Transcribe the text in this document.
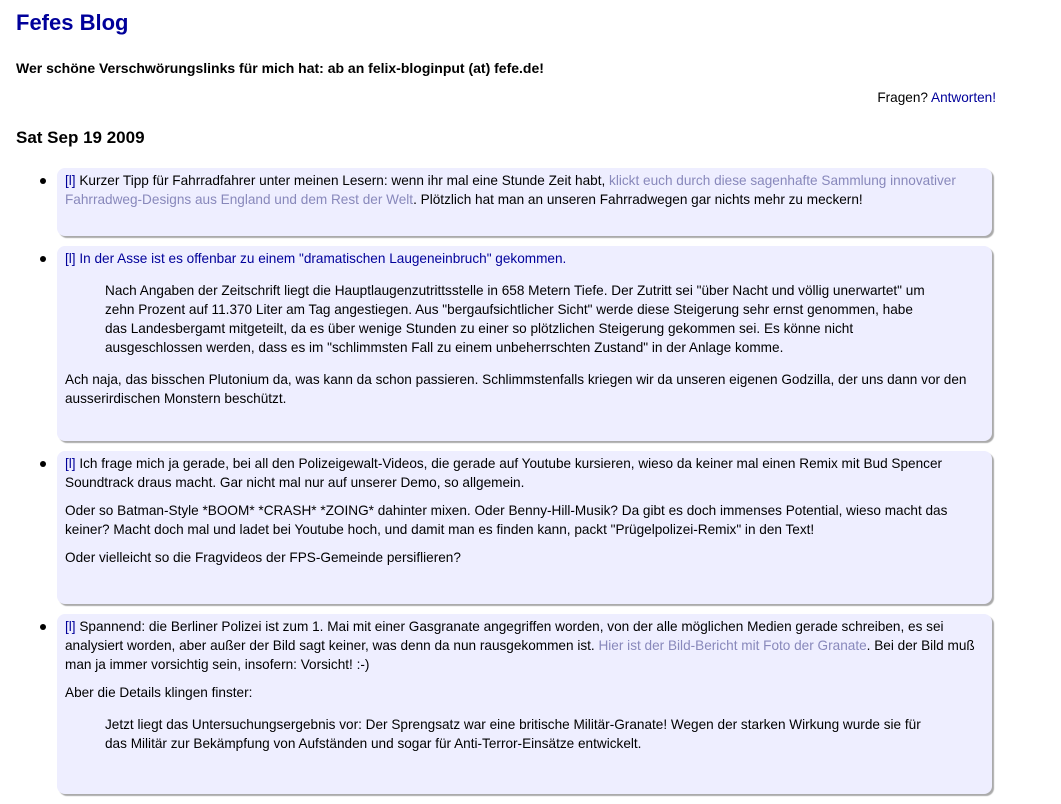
Fefes Blog

Wer schöne Verschwörungslinks für mich hat: ab an felix-bloginput (at) fefe.de!

Fragen? Antworten!
Sat Sep 19 2009

[l] Kurzer Tipp für Fahrradfahrer unter meinen Lesern: wenn ihr mal eine Stunde Zeit habt, klickt euch durch diese sagenhafte Sammlung innovativer Fahrradweg-Designs aus England und dem Rest der Welt. Plötzlich hat man an unseren Fahrradwegen gar nichts mehr zu meckern!

[l] In der Asse ist es offenbar zu einem "dramatischen Laugeneinbruch" gekommen.

Nach Angaben der Zeitschrift liegt die Hauptlaugenzutrittsstelle in 658 Metern Tiefe. Der Zutritt sei "über Nacht und völlig unerwartet" um zehn Prozent auf 11.370 Liter am Tag angestiegen. Aus "bergaufsichtlicher Sicht" werde diese Steigerung sehr ernst genommen, habe das Landesbergamt mitgeteilt, da es über wenige Stunden zu einer so plötzlichen Steigerung gekommen sei. Es könne nicht ausgeschlossen werden, dass es im "schlimmsten Fall zu einem unbeherrschten Zustand" in der Anlage komme.

Ach naja, das bisschen Plutonium da, was kann da schon passieren. Schlimmstenfalls kriegen wir da unseren eigenen Godzilla, der uns dann vor den ausserirdischen Monstern beschützt.

[l] Ich frage mich ja gerade, bei all den Polizeigewalt-Videos, die gerade auf Youtube kursieren, wieso da keiner mal einen Remix mit Bud Spencer Soundtrack draus macht. Gar nicht mal nur auf unserer Demo, so allgemein.

Oder so Batman-Style *BOOM* *CRASH* *ZOING* dahinter mixen. Oder Benny-Hill-Musik? Da gibt es doch immenses Potential, wieso macht das keiner? Macht doch mal und ladet bei Youtube hoch, und damit man es finden kann, packt "Prügelpolizei-Remix" in den Text!

Oder vielleicht so die Fragvideos der FPS-Gemeinde persiflieren?

[l] Spannend: die Berliner Polizei ist zum 1. Mai mit einer Gasgranate angegriffen worden, von der alle möglichen Medien gerade schreiben, es sei analysiert worden, aber außer der Bild sagt keiner, was denn da nun rausgekommen ist. Hier ist der Bild-Bericht mit Foto der Granate. Bei der Bild muß man ja immer vorsichtig sein, insofern: Vorsicht! :-)

Aber die Details klingen finster:

Jetzt liegt das Untersuchungsergebnis vor: Der Sprengsatz war eine britische Militär-Granate! Wegen der starken Wirkung wurde sie für das Militär zur Bekämpfung von Aufständen und sogar für Anti-Terror-Einsätze entwickelt.
